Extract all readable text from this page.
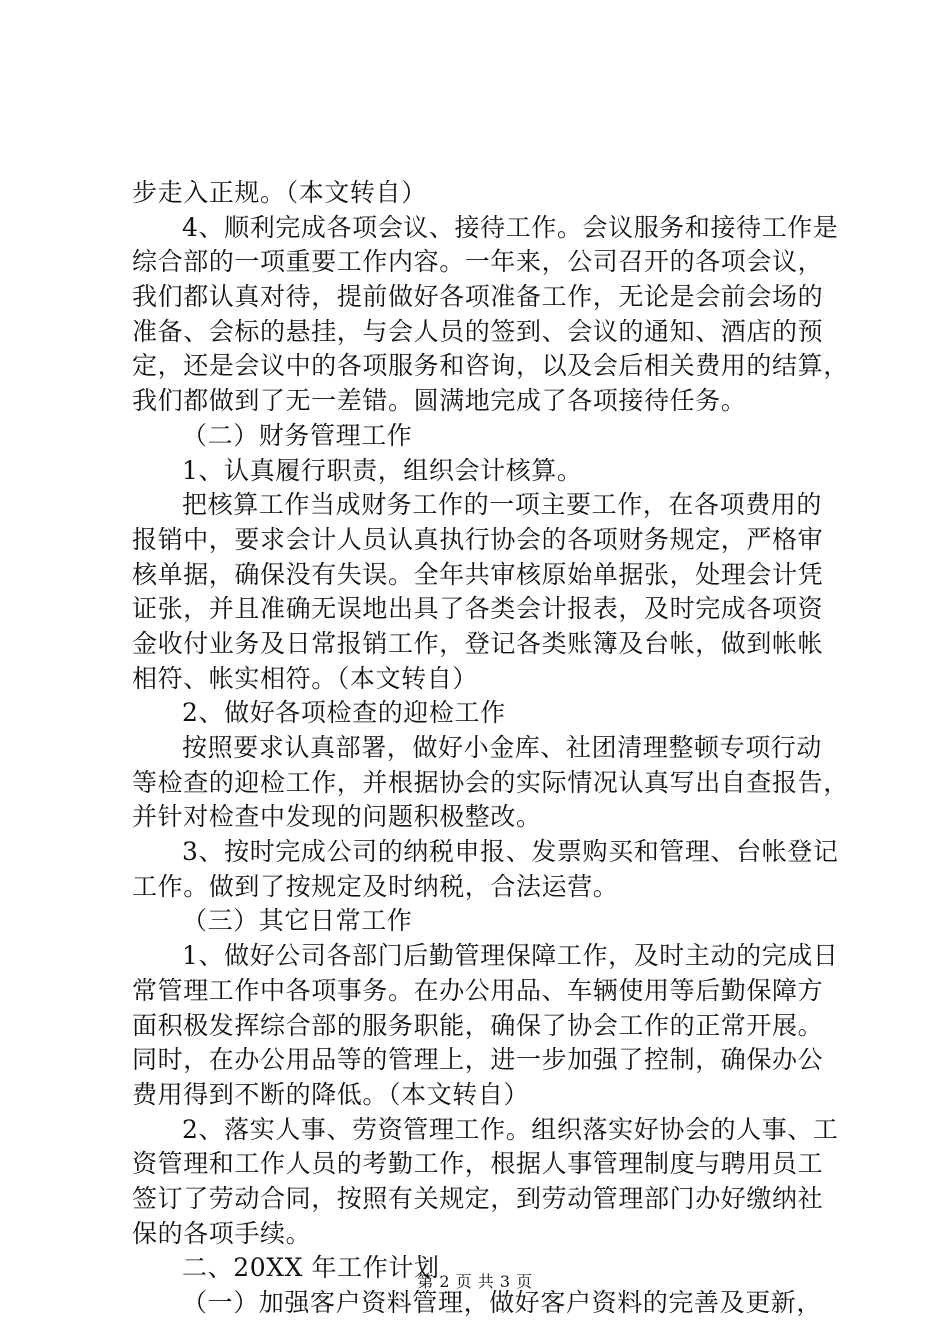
步走入正规。（本文转自）
4、顺利完成各项会议、接待工作。会议服务和接待工作是
综合部的一项重要工作内容。一年来，公司召开的各项会议，
我们都认真对待，提前做好各项准备工作，无论是会前会场的
准备、会标的悬挂，与会人员的签到、会议的通知、酒店的预
定，还是会议中的各项服务和咨询，以及会后相关费用的结算，
我们都做到了无一差错。圆满地完成了各项接待任务。
（二）财务管理工作
1、认真履行职责，组织会计核算。
把核算工作当成财务工作的一项主要工作，在各项费用的
报销中，要求会计人员认真执行协会的各项财务规定，严格审
核单据，确保没有失误。全年共审核原始单据张，处理会计凭
证张，并且准确无误地出具了各类会计报表，及时完成各项资
金收付业务及日常报销工作，登记各类账簿及台帐，做到帐帐
相符、帐实相符。（本文转自）
2、做好各项检查的迎检工作
按照要求认真部署，做好小金库、社团清理整顿专项行动
等检查的迎检工作，并根据协会的实际情况认真写出自查报告，
并针对检查中发现的问题积极整改。
3、按时完成公司的纳税申报、发票购买和管理、台帐登记
工作。做到了按规定及时纳税，合法运营。
（三）其它日常工作
1、做好公司各部门后勤管理保障工作，及时主动的完成日
常管理工作中各项事务。在办公用品、车辆使用等后勤保障方
面积极发挥综合部的服务职能，确保了协会工作的正常开展。
同时，在办公用品等的管理上，进一步加强了控制，确保办公
费用得到不断的降低。（本文转自）
2、落实人事、劳资管理工作。组织落实好协会的人事、工
资管理和工作人员的考勤工作，根据人事管理制度与聘用员工
签订了劳动合同，按照有关规定，到劳动管理部门办好缴纳社
保的各项手续。
二、20XX 年工作计划
（一）加强客户资料管理，做好客户资料的完善及更新，
第 2 页 共 3 页
